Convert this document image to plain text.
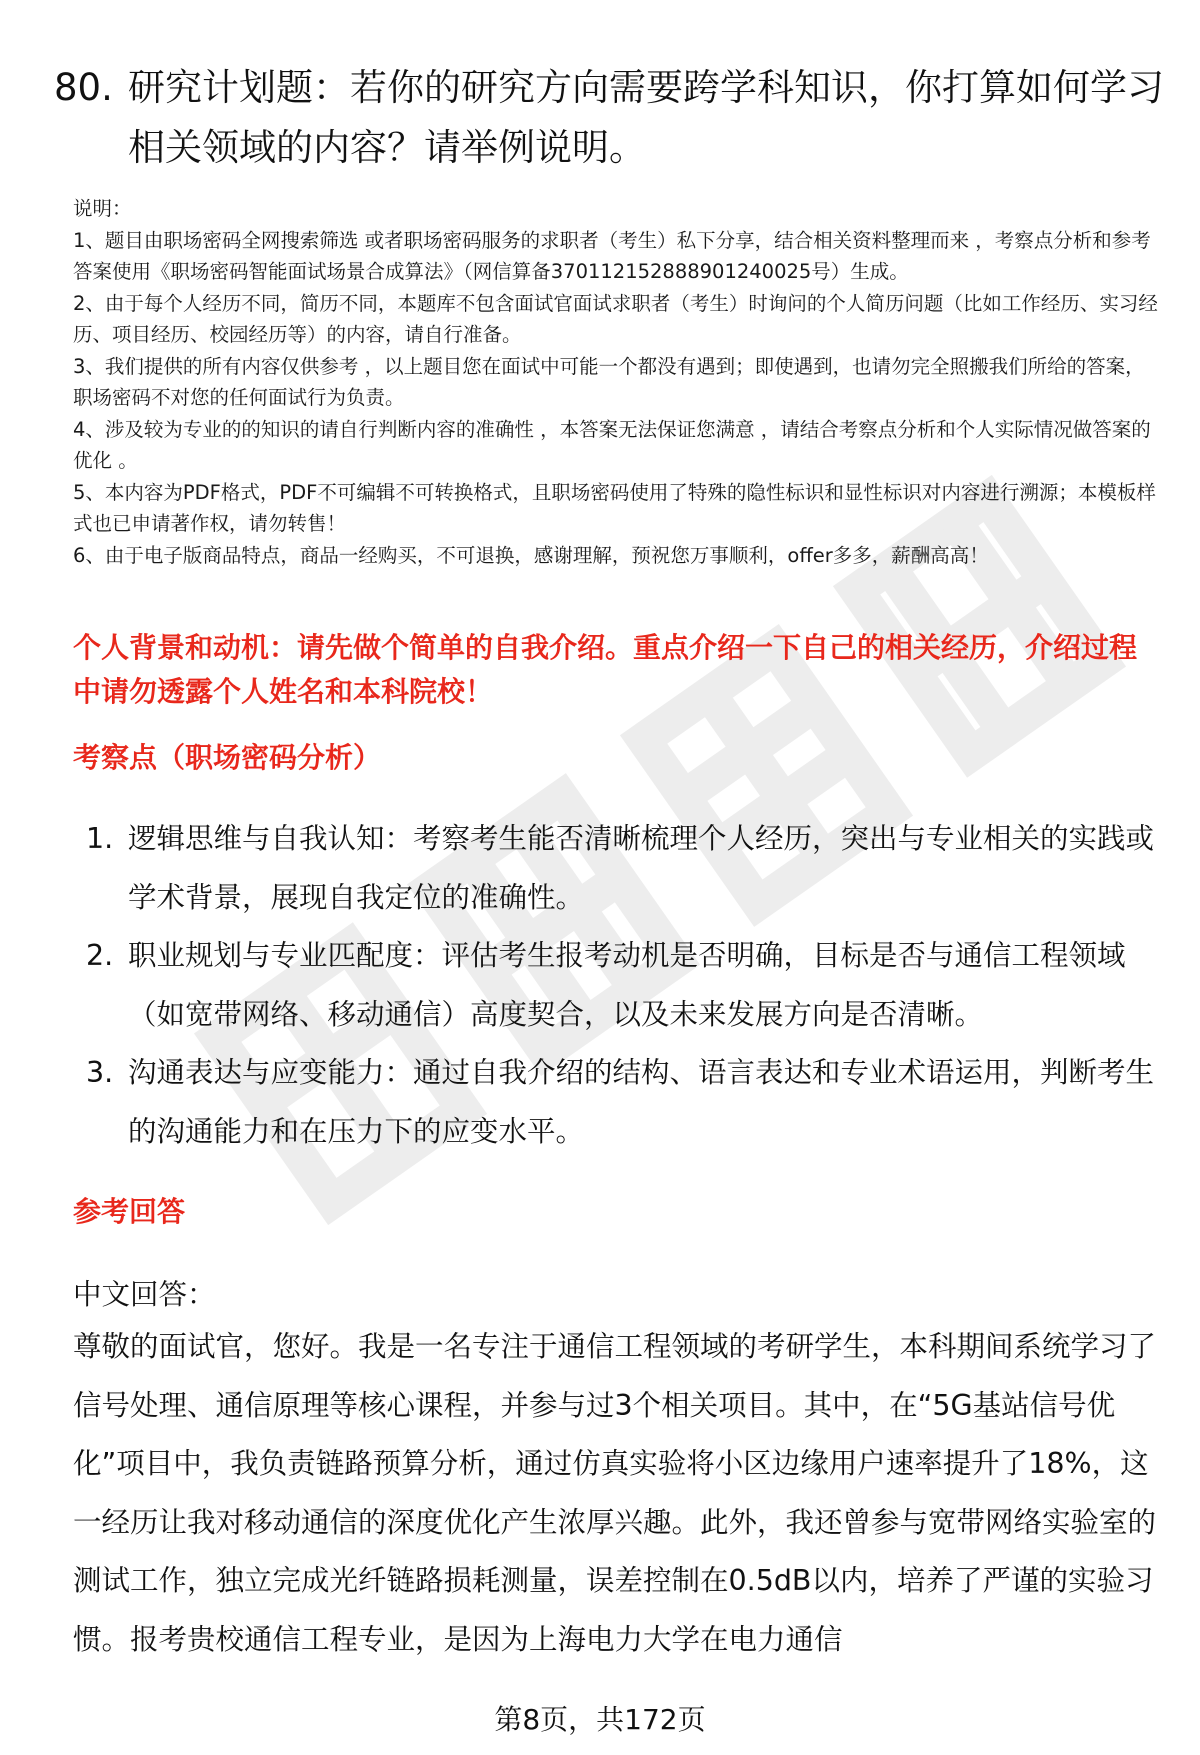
80. 研究计划题：若你的研究方向需要跨学科知识，你打算如何学习相关领域的内容？请举例说明。

说明：

1、题目由职场密码全网搜索筛选 或者职场密码服务的求职者（考生）私下分享，结合相关资料整理而来 ，考察点分析和参考答案使用《职场密码智能面试场景合成算法》（网信算备370112152888901240025号）生成。

2、由于每个人经历不同，简历不同，本题库不包含面试官面试求职者（考生）时询问的个人简历问题（比如工作经历、实习经历、项目经历、校园经历等）的内容，请自行准备。

3、我们提供的所有内容仅供参考 ，以上题目您在面试中可能一个都没有遇到；即使遇到，也请勿完全照搬我们所给的答案，职场密码不对您的任何面试行为负责。

4、涉及较为专业的的知识的请自行判断内容的准确性 ，本答案无法保证您满意 ，请结合考察点分析和个人实际情况做答案的优化 。

5、本内容为PDF格式，PDF不可编辑不可转换格式，且职场密码使用了特殊的隐性标识和显性标识对内容进行溯源；本模板样式也已申请著作权，请勿转售！

6、由于电子版商品特点，商品一经购买，不可退换，感谢理解，预祝您万事顺利，offer多多，薪酬高高！

个人背景和动机：请先做个简单的自我介绍。重点介绍一下自己的相关经历，介绍过程中请勿透露个人姓名和本科院校！
考察点（职场密码分析）
1. 逻辑思维与自我认知：考察考生能否清晰梳理个人经历，突出与专业相关的实践或学术背景，展现自我定位的准确性。
2. 职业规划与专业匹配度：评估考生报考动机是否明确，目标是否与通信工程领域（如宽带网络、移动通信）高度契合，以及未来发展方向是否清晰。
3. 沟通表达与应变能力：通过自我介绍的结构、语言表达和专业术语运用，判断考生的沟通能力和在压力下的应变水平。
参考回答
中文回答：

尊敬的面试官，您好。我是一名专注于通信工程领域的考研学生，本科期间系统学习了信号处理、通信原理等核心课程，并参与过3个相关项目。其中，在“5G基站信号优化”项目中，我负责链路预算分析，通过仿真实验将小区边缘用户速率提升了18%，这一经历让我对移动通信的深度优化产生浓厚兴趣。此外，我还曾参与宽带网络实验室的测试工作，独立完成光纤链路损耗测量，误差控制在0.5dB以内，培养了严谨的实验习惯。报考贵校通信工程专业，是因为上海电力大学在电力通信

第8页，共172页
